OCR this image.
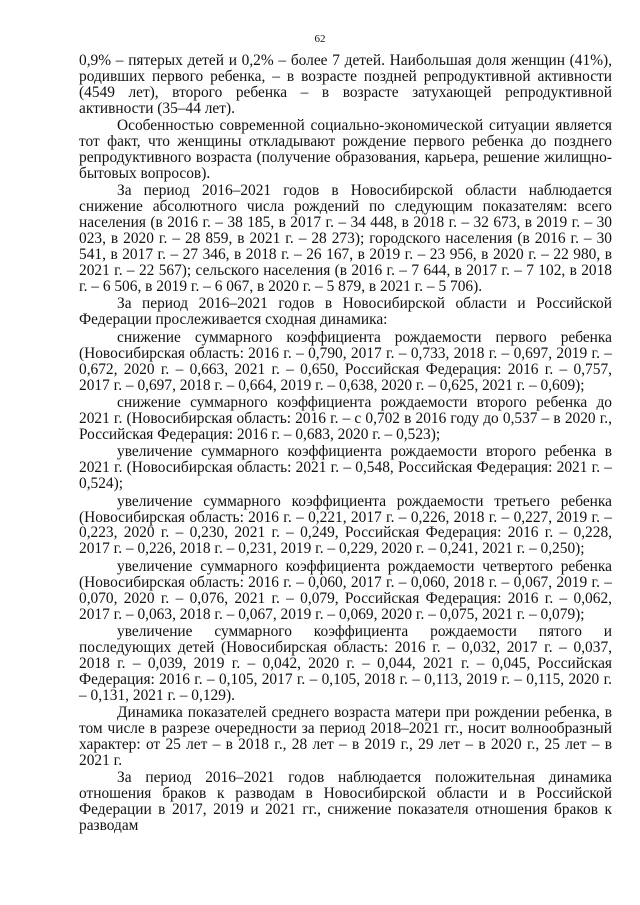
62

0,9% – пятерых детей и 0,2% – более 7 детей. Наибольшая доля женщин (41%), родивших первого ребенка, – в возрасте поздней репродуктивной активности (4549 лет), второго ребенка – в возрасте затухающей репродуктивной активности (35–44 лет).

Особенностью современной социально-экономической ситуации является тот факт, что женщины откладывают рождение первого ребенка до позднего репродуктивного возраста (получение образования, карьера, решение жилищно-бытовых вопросов).

За период 2016–2021 годов в Новосибирской области наблюдается снижение абсолютного числа рождений по следующим показателям: всего населения (в 2016 г. – 38 185, в 2017 г. – 34 448, в 2018 г. – 32 673, в 2019 г. – 30 023, в 2020 г. – 28 859, в 2021 г. – 28 273); городского населения (в 2016 г. – 30 541, в 2017 г. – 27 346, в 2018 г. – 26 167, в 2019 г. – 23 956, в 2020 г. – 22 980, в 2021 г. – 22 567); сельского населения (в 2016 г. – 7 644, в 2017 г. – 7 102, в 2018 г. – 6 506, в 2019 г. – 6 067, в 2020 г. – 5 879, в 2021 г. – 5 706).

За период 2016–2021 годов в Новосибирской области и Российской Федерации прослеживается сходная динамика:

снижение суммарного коэффициента рождаемости первого ребенка (Новосибирская область: 2016 г. – 0,790, 2017 г. – 0,733, 2018 г. – 0,697, 2019 г. – 0,672, 2020 г. – 0,663, 2021 г. – 0,650, Российская Федерация: 2016 г. – 0,757, 2017 г. – 0,697, 2018 г. – 0,664, 2019 г. – 0,638, 2020 г. – 0,625, 2021 г. – 0,609);

снижение суммарного коэффициента рождаемости второго ребенка до 2021 г. (Новосибирская область: 2016 г. – с 0,702 в 2016 году до 0,537 – в 2020 г., Российская Федерация: 2016 г. – 0,683, 2020 г. – 0,523);

увеличение суммарного коэффициента рождаемости второго ребенка в 2021 г. (Новосибирская область: 2021 г. – 0,548, Российская Федерация: 2021 г. – 0,524);

увеличение суммарного коэффициента рождаемости третьего ребенка (Новосибирская область: 2016 г. – 0,221, 2017 г. – 0,226, 2018 г. – 0,227, 2019 г. – 0,223, 2020 г. – 0,230, 2021 г. – 0,249, Российская Федерация: 2016 г. – 0,228, 2017 г. – 0,226, 2018 г. – 0,231, 2019 г. – 0,229, 2020 г. – 0,241, 2021 г. – 0,250);

увеличение суммарного коэффициента рождаемости четвертого ребенка (Новосибирская область: 2016 г. – 0,060, 2017 г. – 0,060, 2018 г. – 0,067, 2019 г. – 0,070, 2020 г. – 0,076, 2021 г. – 0,079, Российская Федерация: 2016 г. – 0,062, 2017 г. – 0,063, 2018 г. – 0,067, 2019 г. – 0,069, 2020 г. – 0,075, 2021 г. – 0,079);

увеличение суммарного коэффициента рождаемости пятого и последующих детей (Новосибирская область: 2016 г. – 0,032, 2017 г. – 0,037, 2018 г. – 0,039, 2019 г. – 0,042, 2020 г. – 0,044, 2021 г. – 0,045, Российская Федерация: 2016 г. – 0,105, 2017 г. – 0,105, 2018 г. – 0,113, 2019 г. – 0,115, 2020 г. – 0,131, 2021 г. – 0,129).

Динамика показателей среднего возраста матери при рождении ребенка, в том числе в разрезе очередности за период 2018–2021 гг., носит волнообразный характер: от 25 лет – в 2018 г., 28 лет – в 2019 г., 29 лет – в 2020 г., 25 лет – в 2021 г.

За период 2016–2021 годов наблюдается положительная динамика отношения браков к разводам в Новосибирской области и в Российской Федерации в 2017, 2019 и 2021 гг., снижение показателя отношения браков к разводам
